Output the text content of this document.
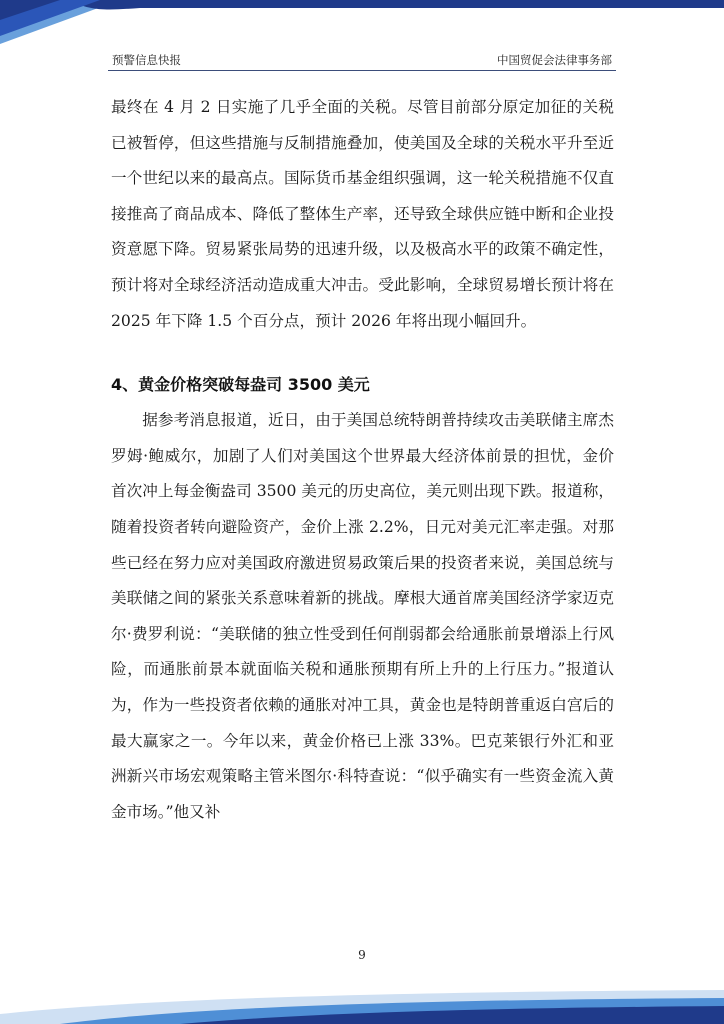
预警信息快报	中国贸促会法律事务部

最终在 4 月 2 日实施了几乎全面的关税。尽管目前部分原定加征的关税已被暂停，但这些措施与反制措施叠加，使美国及全球的关税水平升至近一个世纪以来的最高点。国际货币基金组织强调，这一轮关税措施不仅直接推高了商品成本、降低了整体生产率，还导致全球供应链中断和企业投资意愿下降。贸易紧张局势的迅速升级，以及极高水平的政策不确定性，预计将对全球经济活动造成重大冲击。受此影响，全球贸易增长预计将在 2025 年下降 1.5 个百分点，预计 2026 年将出现小幅回升。

4、黄金价格突破每盎司 3500 美元

据参考消息报道，近日，由于美国总统特朗普持续攻击美联储主席杰罗姆·鲍威尔，加剧了人们对美国这个世界最大经济体前景的担忧，金价首次冲上每金衡盎司 3500 美元的历史高位，美元则出现下跌。报道称，随着投资者转向避险资产，金价上涨 2.2%，日元对美元汇率走强。对那些已经在努力应对美国政府激进贸易政策后果的投资者来说，美国总统与美联储之间的紧张关系意味着新的挑战。摩根大通首席美国经济学家迈克尔·费罗利说：“美联储的独立性受到任何削弱都会给通胀前景增添上行风险，而通胀前景本就面临关税和通胀预期有所上升的上行压力。”报道认为，作为一些投资者依赖的通胀对冲工具，黄金也是特朗普重返白宫后的最大赢家之一。今年以来，黄金价格已上涨 33%。巴克莱银行外汇和亚洲新兴市场宏观策略主管米图尔·科特查说：“似乎确实有一些资金流入黄金市场。”他又补

9
